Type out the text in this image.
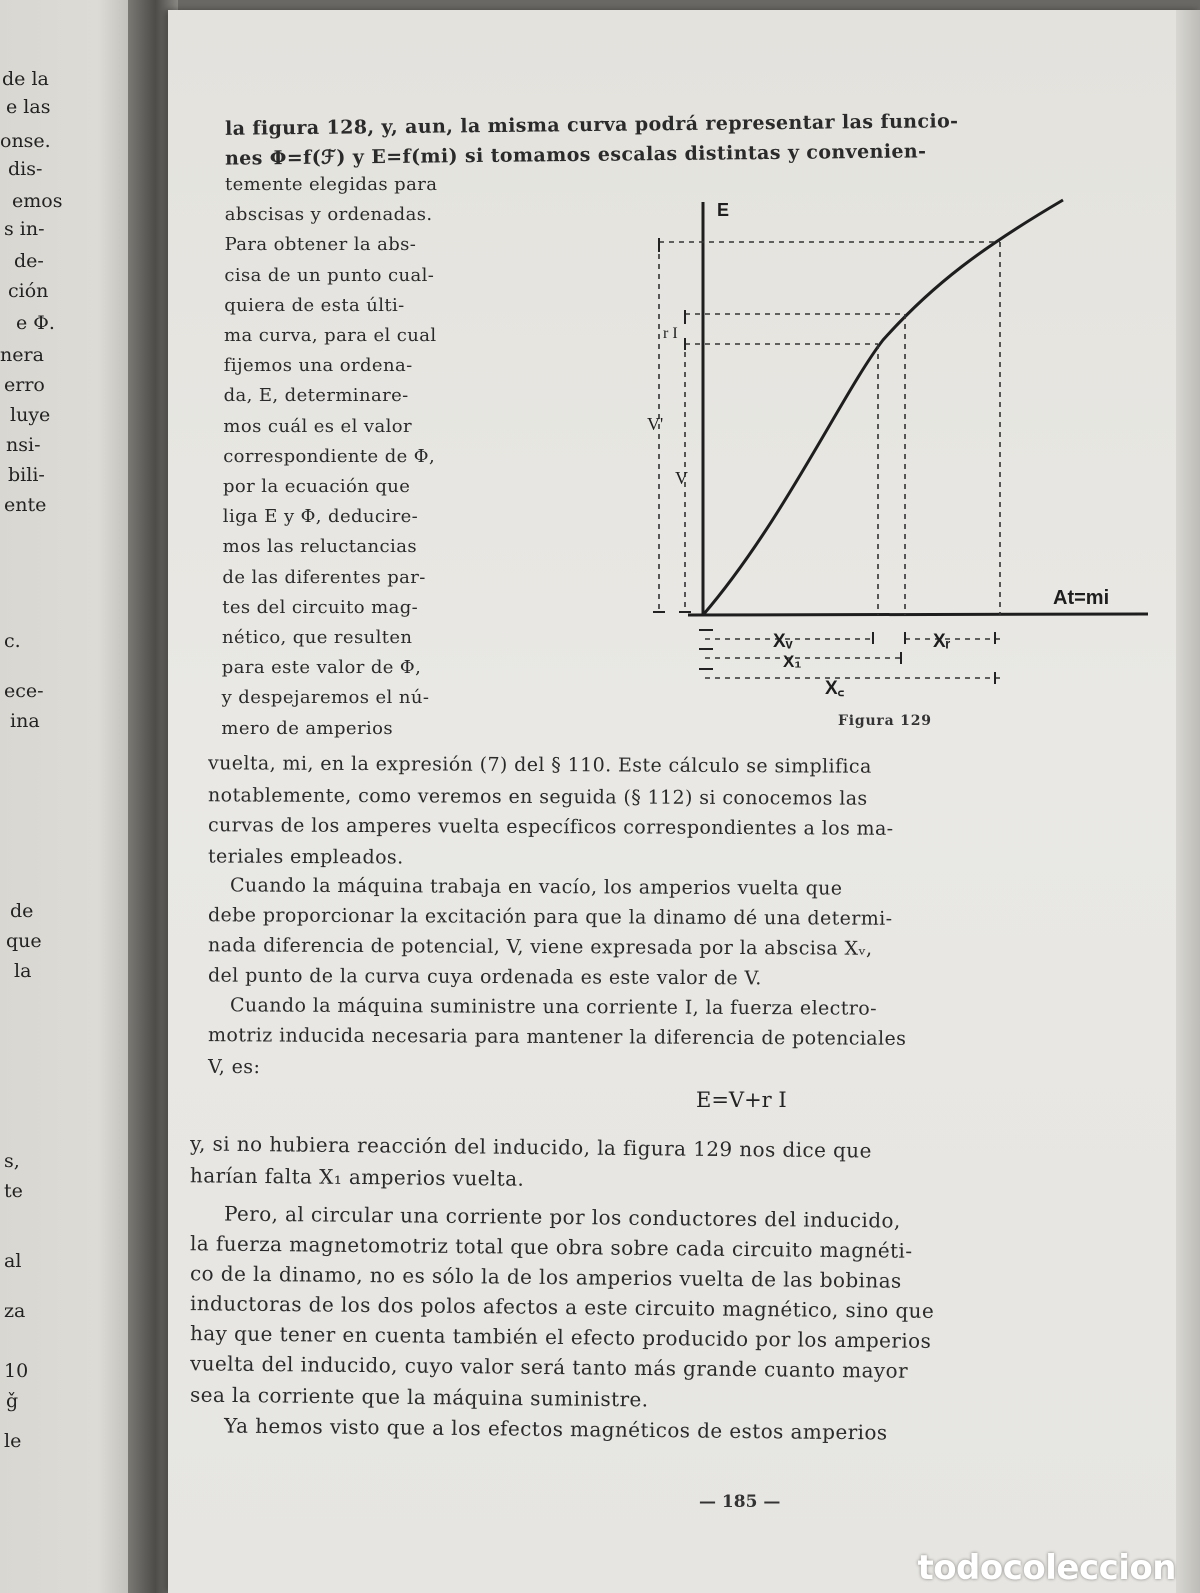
de la
e las
onse.
dis-
emos
s in-
de-
ción
e Φ.
nera
erro
luye
nsi-
bili-
ente
c.
ece-
ina
de
que
la
s,
te
al
za
10
ǧ
le
la figura 128, y, aun, la misma curva podrá representar las funcio-
nes Φ=f(ℱ) y E=f(mi) si tomamos escalas distintas y convenien-
temente elegidas para
abscisas y ordenadas.
Para obtener la abs-
cisa de un punto cual-
quiera de esta últi-
ma curva, para el cual
fijemos una ordena-
da, E, determinare-
mos cuál es el valor
correspondiente de Φ,
por la ecuación que
liga E y Φ, deducire-
mos las reluctancias
de las diferentes par-
tes del circuito mag-
nético, que resulten
para este valor de Φ,
y despejaremos el nú-
mero de amperios
E
At=mi
r I
V'
V
Xᵥ	Xᵣ
X₁
X꜀
Figura 129
vuelta, mi, en la expresión (7) del § 110. Este cálculo se simplifica
notablemente, como veremos en seguida (§ 112) si conocemos las
curvas de los amperes vuelta específicos correspondientes a los ma-
teriales empleados.
Cuando la máquina trabaja en vacío, los amperios vuelta que
debe proporcionar la excitación para que la dinamo dé una determi-
nada diferencia de potencial, V, viene expresada por la abscisa Xᵥ,
del punto de la curva cuya ordenada es este valor de V.
Cuando la máquina suministre una corriente I, la fuerza electro-
motriz inducida necesaria para mantener la diferencia de potenciales
V, es:
E=V+r I
y, si no hubiera reacción del inducido, la figura 129 nos dice que
harían falta X₁ amperios vuelta.
Pero, al circular una corriente por los conductores del inducido,
la fuerza magnetomotriz total que obra sobre cada circuito magnéti-
co de la dinamo, no es sólo la de los amperios vuelta de las bobinas
inductoras de los dos polos afectos a este circuito magnético, sino que
hay que tener en cuenta también el efecto producido por los amperios
vuelta del inducido, cuyo valor será tanto más grande cuanto mayor
sea la corriente que la máquina suministre.
Ya hemos visto que a los efectos magnéticos de estos amperios
— 185 —
todocoleccion
